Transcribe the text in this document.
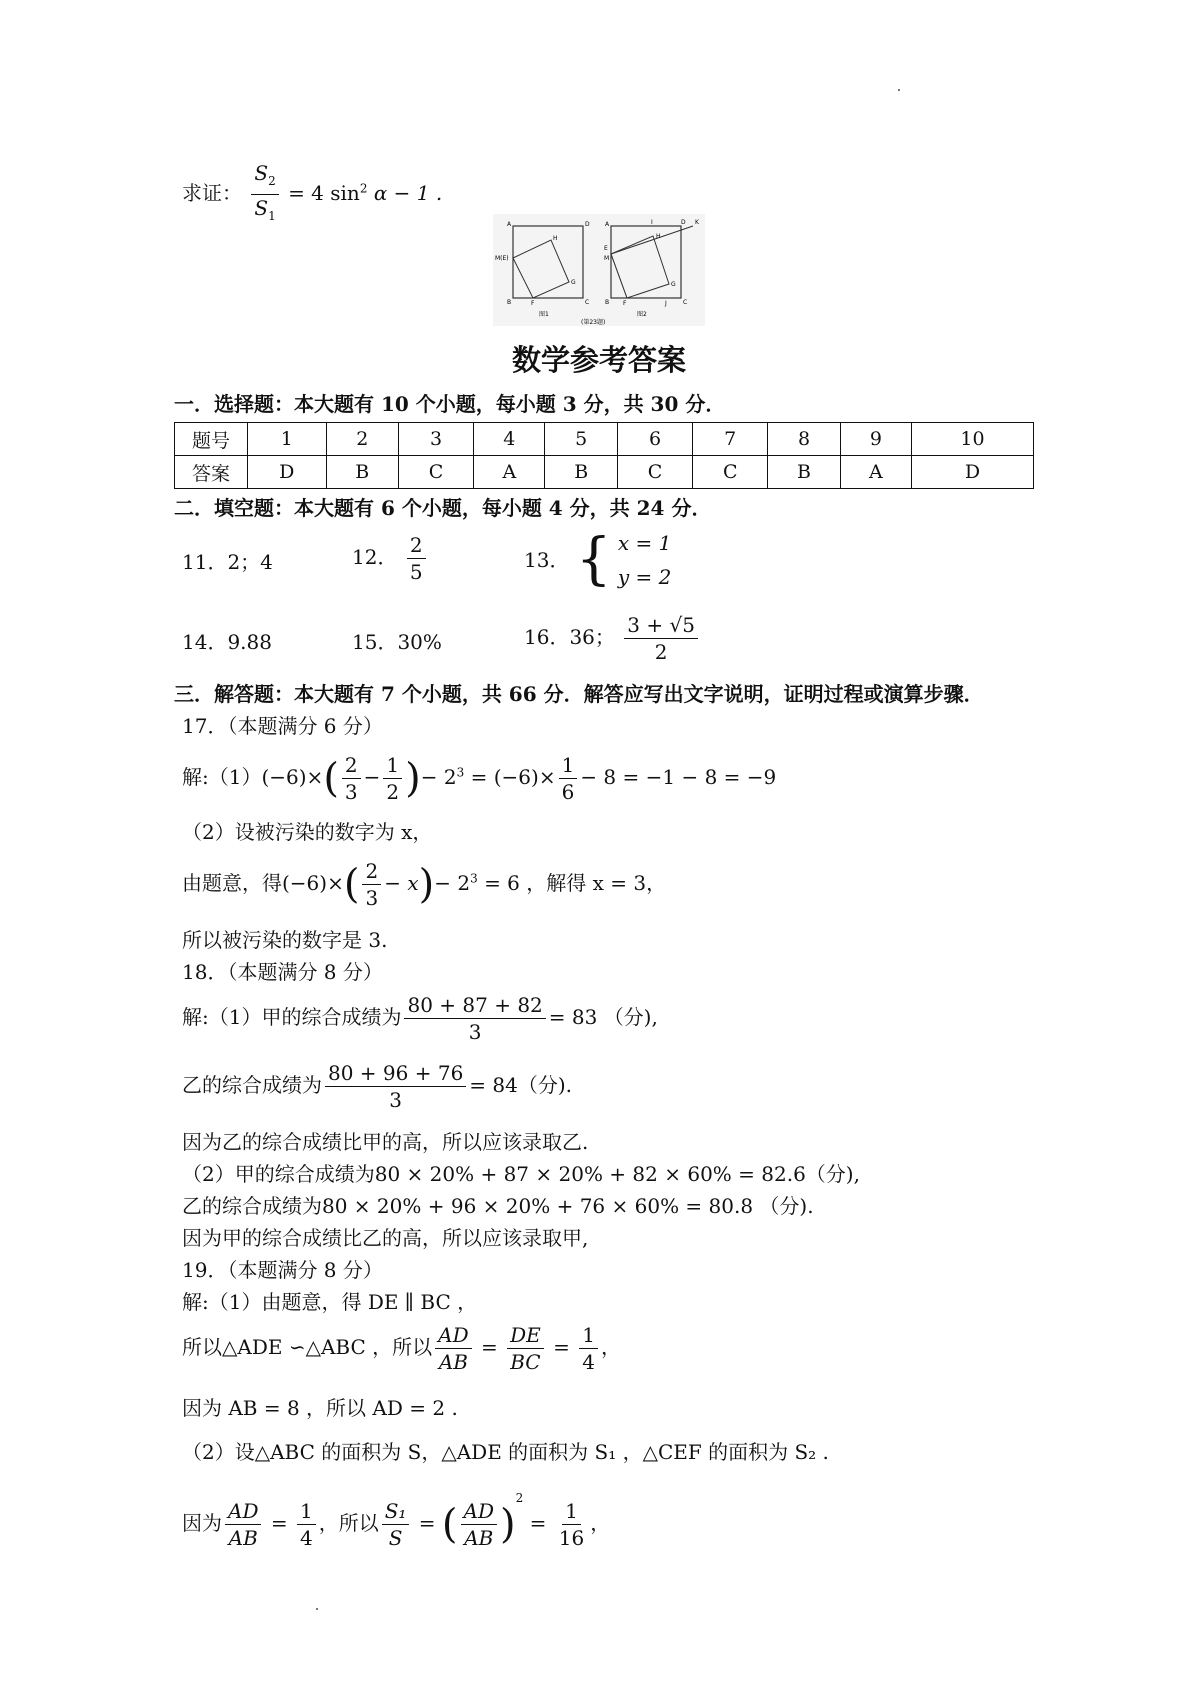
求证： $\frac{S_2}{S_1} = 4$ $\sin^2 \alpha - 1$ .
A	D
H
M(E)
G
B	F	C
A	I	D K
E
M
H
G
B F	J	C
图1	图2
(第23题)
数学参考答案
一．选择题：本大题有 10 个小题，每小题 3 分，共 30 分．
题号	1	2	3	4	5	6	7	8	9	10
答案	D	B	C	A	B	C	C	B	A	D
二．填空题：本大题有 6 个小题，每小题 4 分，共 24 分．
11．2；4	12． $\frac{2}{5}$	13． { x = 1
y = 2
14．9.88	15．30%	16．36； $\frac{3 + √5}{2}$
三．解答题：本大题有 7 个小题，共 66 分．解答应写出文字说明，证明过程或演算步骤．
17．（本题满分 6 分）
解:（1）(−6)×( $\frac{2}{3} - \frac{1}{2}$ )− $2^3 = (-6)\times \frac{1}{6} - 8 = -1 - 8 = -9$
（2）设被污染的数字为 x，
由题意，得$(-6)\times( \frac{2}{3} - x)- 2^3 = 6$ ，解得 x = 3，
所以被污染的数字是 3.
18．（本题满分 8 分）
解:（1）甲的综合成绩为 $\frac{80 + 87 + 82}{3} = 83$ （分),
乙的综合成绩为 $\frac{80 + 96 + 76}{3} = 84$（分).
因为乙的综合成绩比甲的高，所以应该录取乙.
（2）甲的综合成绩为80 × 20% + 87 × 20% + 82 × 60% = 82.6（分),
乙的综合成绩为80 × 20% + 96 × 20% + 76 × 60% = 80.8 （分).
因为甲的综合成绩比乙的高，所以应该录取甲,
19．（本题满分 8 分）
解:（1）由题意，得 DE ∥ BC ，
所以△ADE ∽△ABC ，所以 $\frac{AD}{AB} = \frac{DE}{BC} = \frac{1}{4}$ ，
因为 AB = 8 ，所以 AD = 2 .
（2）设△ABC 的面积为 S，△ADE 的面积为 S₁ ，△CEF 的面积为 S₂ .
因为 $\frac{AD}{AB} = \frac{1}{4}$ ，所以 $\frac{\text{S₁}}{S}$ = ( $\frac{AD}{AB} )^2 = \frac{1}{16}$ ，
